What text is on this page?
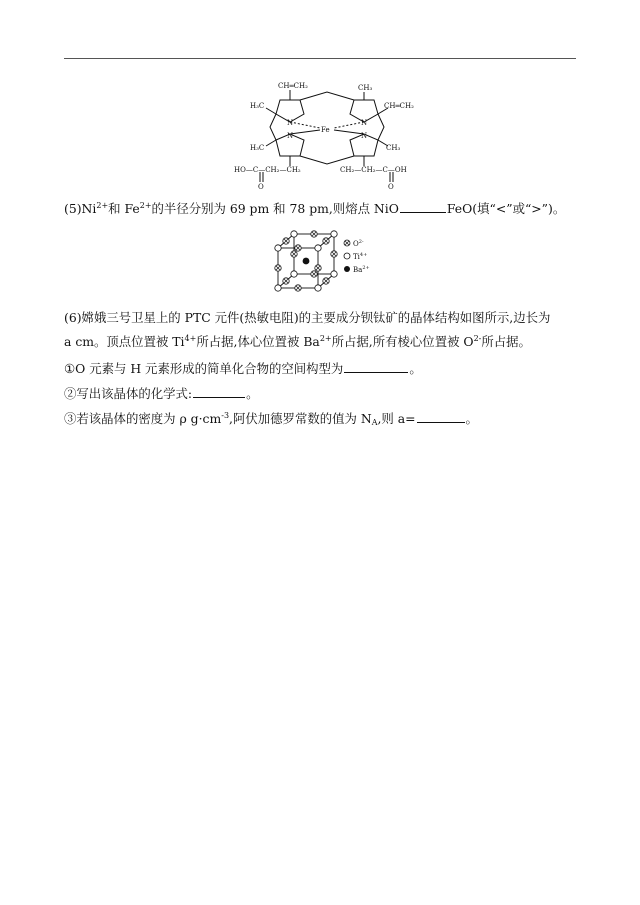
CH═CH₂	CH₃
CH═CH₂
H₃C
H₃C	CH₃
N	N
N	N
Fe
HO—C—CH₂—CH₂	CH₂—CH₂—C—OH
O	O
$(5)Ni^{2+}$和 $Fe^{2+}$的半径分别为 69 pm 和 78 pm,则熔点 NiO	FeO(填“<”或“>”)。
$O^{2-}$
$Ti^{4+}$
$Ba^{2+}$
(6)嫦娥三号卫星上的 PTC 元件(热敏电阻)的主要成分钡钛矿的晶体结构如图所示,边长为
a cm。顶点位置被 $Ti^{4+}$所占据,体心位置被 $Ba^{2+}$所占据,所有棱心位置被 $O^{2-}$所占据。
①O 元素与 H 元素形成的简单化合物的空间构型为	。
②写出该晶体的化学式:	。
③若该晶体的密度为 ρ $g\cdot cm^{-3}$,阿伏加德罗常数的值为 $N_A$,则 a=	。
